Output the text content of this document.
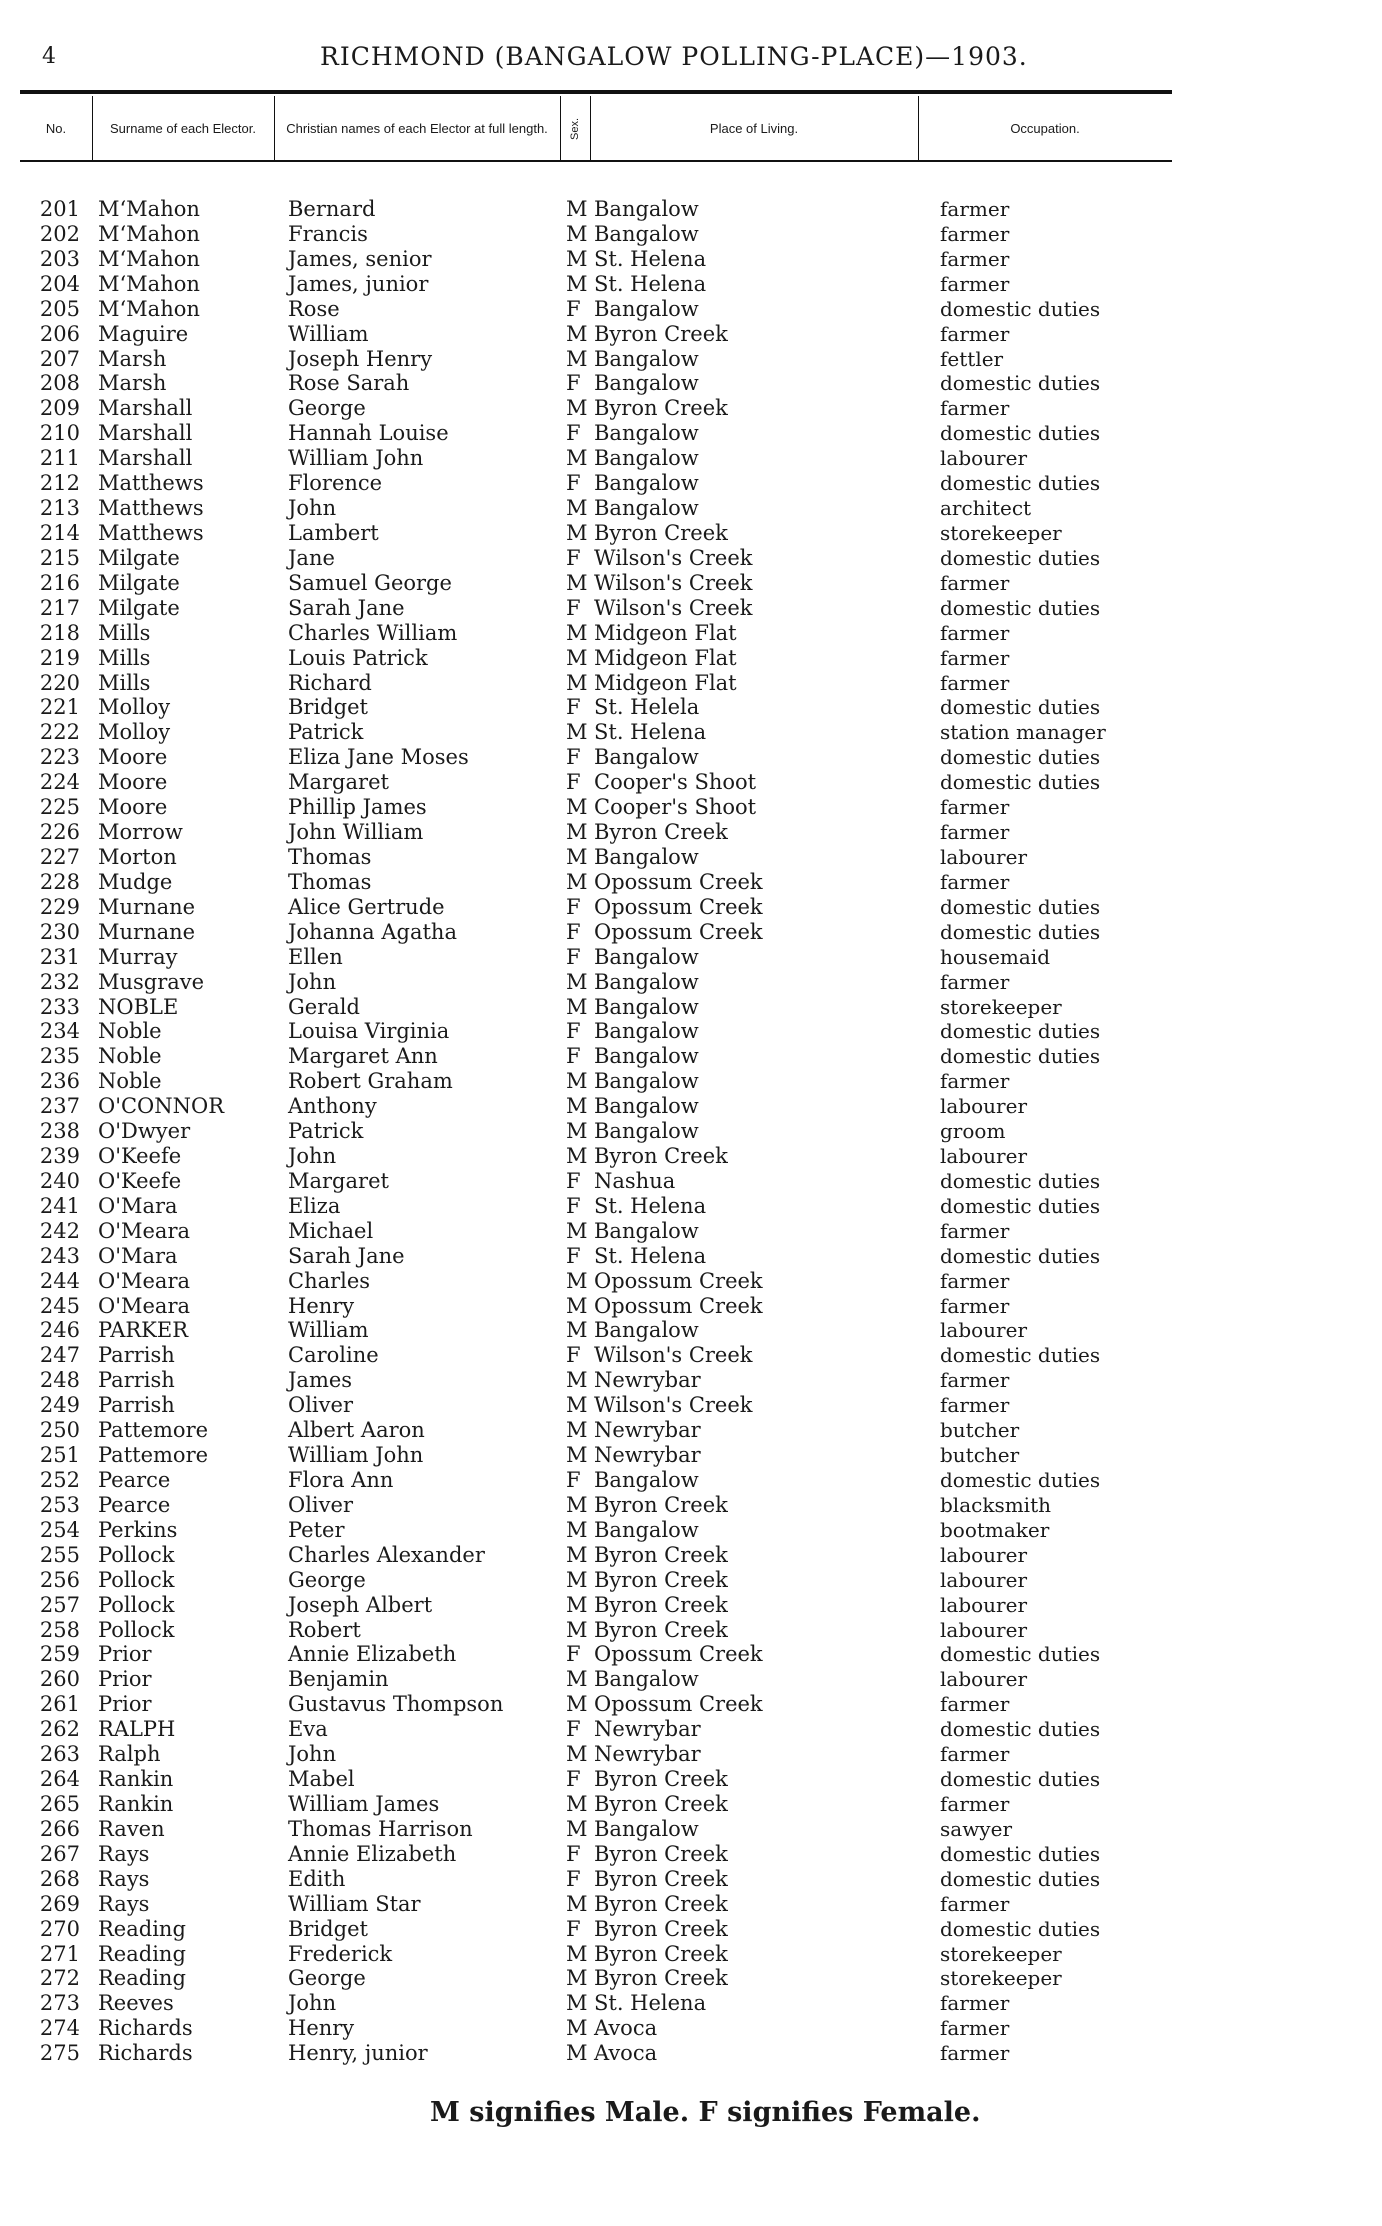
4	RICHMOND (BANGALOW POLLING-PLACE)—1903.
No.	Surname of each Elector.	Christian names of each Elector at full length.	Sex.	Place of Living.	Occupation.
201 M‘Mahon	Bernard	M Bangalow	farmer
202 M‘Mahon	Francis	M Bangalow	farmer
203 M‘Mahon	James, senior	M St. Helena	farmer
204 M‘Mahon	James, junior	M St. Helena	farmer
205 M‘Mahon	Rose	F Bangalow	domestic duties
206 Maguire	William	M Byron Creek	farmer
207 Marsh	Joseph Henry	M Bangalow	fettler
208 Marsh	Rose Sarah	F Bangalow	domestic duties
209 Marshall	George	M Byron Creek	farmer
210 Marshall	Hannah Louise	F Bangalow	domestic duties
211 Marshall	William John	M Bangalow	labourer
212 Matthews	Florence	F Bangalow	domestic duties
213 Matthews	John	M Bangalow	architect
214 Matthews	Lambert	M Byron Creek	storekeeper
215 Milgate	Jane	F Wilson's Creek	domestic duties
216 Milgate	Samuel George	M Wilson's Creek	farmer
217 Milgate	Sarah Jane	F Wilson's Creek	domestic duties
218 Mills	Charles William	M Midgeon Flat	farmer
219 Mills	Louis Patrick	M Midgeon Flat	farmer
220 Mills	Richard	M Midgeon Flat	farmer
221 Molloy	Bridget	F St. Helela	domestic duties
222 Molloy	Patrick	M St. Helena	station manager
223 Moore	Eliza Jane Moses	F Bangalow	domestic duties
224 Moore	Margaret	F Cooper's Shoot	domestic duties
225 Moore	Phillip James	M Cooper's Shoot	farmer
226 Morrow	John William	M Byron Creek	farmer
227 Morton	Thomas	M Bangalow	labourer
228 Mudge	Thomas	M Opossum Creek	farmer
229 Murnane	Alice Gertrude	F Opossum Creek	domestic duties
230 Murnane	Johanna Agatha	F Opossum Creek	domestic duties
231 Murray	Ellen	F Bangalow	housemaid
232 Musgrave	John	M Bangalow	farmer
233 NOBLE	Gerald	M Bangalow	storekeeper
234 Noble	Louisa Virginia	F Bangalow	domestic duties
235 Noble	Margaret Ann	F Bangalow	domestic duties
236 Noble	Robert Graham	M Bangalow	farmer
237 O'CONNOR	Anthony	M Bangalow	labourer
238 O'Dwyer	Patrick	M Bangalow	groom
239 O'Keefe	John	M Byron Creek	labourer
240 O'Keefe	Margaret	F Nashua	domestic duties
241 O'Mara	Eliza	F St. Helena	domestic duties
242 O'Meara	Michael	M Bangalow	farmer
243 O'Mara	Sarah Jane	F St. Helena	domestic duties
244 O'Meara	Charles	M Opossum Creek	farmer
245 O'Meara	Henry	M Opossum Creek	farmer
246 PARKER	William	M Bangalow	labourer
247 Parrish	Caroline	F Wilson's Creek	domestic duties
248 Parrish	James	M Newrybar	farmer
249 Parrish	Oliver	M Wilson's Creek	farmer
250 Pattemore	Albert Aaron	M Newrybar	butcher
251 Pattemore	William John	M Newrybar	butcher
252 Pearce	Flora Ann	F Bangalow	domestic duties
253 Pearce	Oliver	M Byron Creek	blacksmith
254 Perkins	Peter	M Bangalow	bootmaker
255 Pollock	Charles Alexander	M Byron Creek	labourer
256 Pollock	George	M Byron Creek	labourer
257 Pollock	Joseph Albert	M Byron Creek	labourer
258 Pollock	Robert	M Byron Creek	labourer
259 Prior	Annie Elizabeth	F Opossum Creek	domestic duties
260 Prior	Benjamin	M Bangalow	labourer
261 Prior	Gustavus Thompson	M Opossum Creek	farmer
262 RALPH	Eva	F Newrybar	domestic duties
263 Ralph	John	M Newrybar	farmer
264 Rankin	Mabel	F Byron Creek	domestic duties
265 Rankin	William James	M Byron Creek	farmer
266 Raven	Thomas Harrison	M Bangalow	sawyer
267 Rays	Annie Elizabeth	F Byron Creek	domestic duties
268 Rays	Edith	F Byron Creek	domestic duties
269 Rays	William Star	M Byron Creek	farmer
270 Reading	Bridget	F Byron Creek	domestic duties
271 Reading	Frederick	M Byron Creek	storekeeper
272 Reading	George	M Byron Creek	storekeeper
273 Reeves	John	M St. Helena	farmer
274 Richards	Henry	M Avoca	farmer
275 Richards	Henry, junior	M Avoca	farmer
M signifies Male. F signifies Female.
